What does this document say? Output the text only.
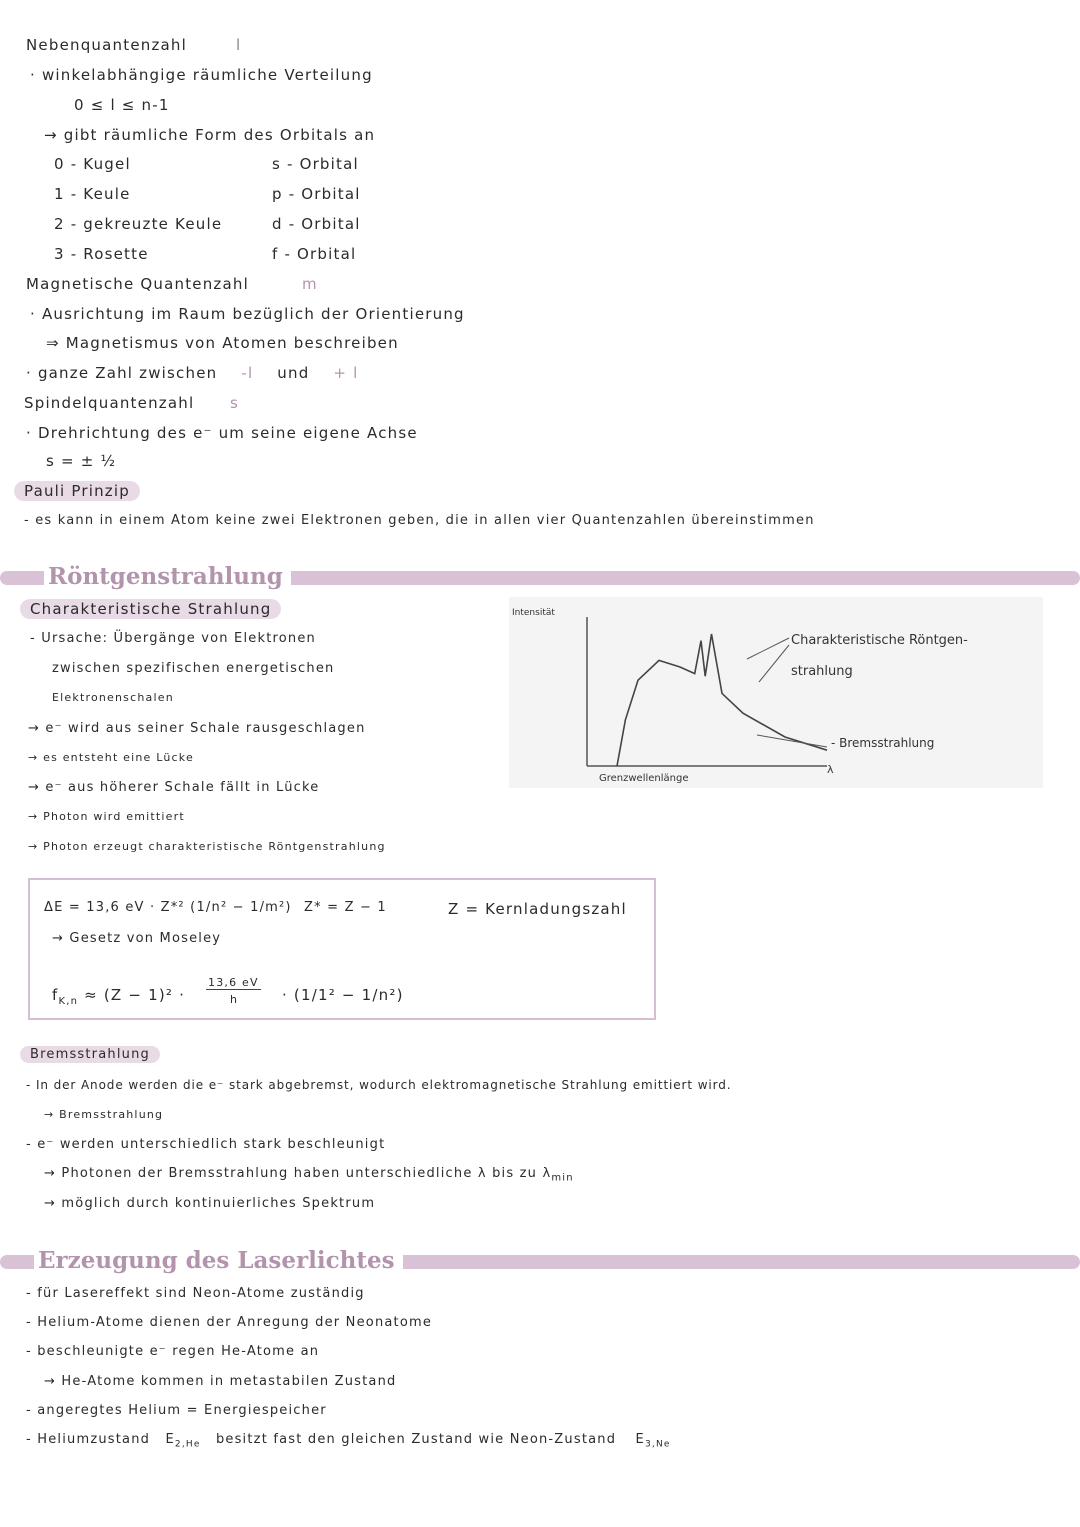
Nebenquantenzahl	l
· winkelabhängige räumliche Verteilung
0 ≤ l ≤ n-1
→ gibt räumliche Form des Orbitals an
0 - Kugel	s - Orbital
1 - Keule	p - Orbital
2 - gekreuzte Keule	d - Orbital
3 - Rosette	f - Orbital
Magnetische Quantenzahl	m
· Ausrichtung im Raum bezüglich der Orientierung
⇒ Magnetismus von Atomen beschreiben
· ganze Zahl zwischen -l und + l
Spindelquantenzahl s
· Drehrichtung des e⁻ um seine eigene Achse
s = ± ½
Pauli Prinzip
- es kann in einem Atom keine zwei Elektronen geben, die in allen vier Quantenzahlen übereinstimmen
Röntgenstrahlung
Charakteristische Strahlung
- Ursache: Übergänge von Elektronen
zwischen spezifischen energetischen
Elektronenschalen
→ e⁻ wird aus seiner Schale rausgeschlagen
→ es entsteht eine Lücke
→ e⁻ aus höherer Schale fällt in Lücke
→ Photon wird emittiert
→ Photon erzeugt charakteristische Röntgenstrahlung
Intensität
λ
Charakteristische Röntgen-
strahlung
- Bremsstrahlung
Grenzwellenlänge
ΔE = 13,6 eV · Z*² (1/n² − 1/m²) Z* = Z − 1	Z = Kernladungszahl
→ Gesetz von Moseley
$f_{K,n} \approx (Z - 1)^2$ ·
13,6 eV
h	· (1/1² − 1/n²)
Bremsstrahlung
- In der Anode werden die e⁻ stark abgebremst, wodurch elektromagnetische Strahlung emittiert wird.
→ Bremsstrahlung
- e⁻ werden unterschiedlich stark beschleunigt
→ Photonen der Bremsstrahlung haben unterschiedliche λ bis zu $\lambda_{min}$
→ möglich durch kontinuierliches Spektrum
Erzeugung des Laserlichtes
- für Lasereffekt sind Neon-Atome zuständig
- Helium-Atome dienen der Anregung der Neonatome
- beschleunigte e⁻ regen He-Atome an
→ He-Atome kommen in metastabilen Zustand
- angeregtes Helium = Energiespeicher
- Heliumzustand $E_{2,He}$ besitzt fast den gleichen Zustand wie Neon-Zustand $E_{3,Ne}$
